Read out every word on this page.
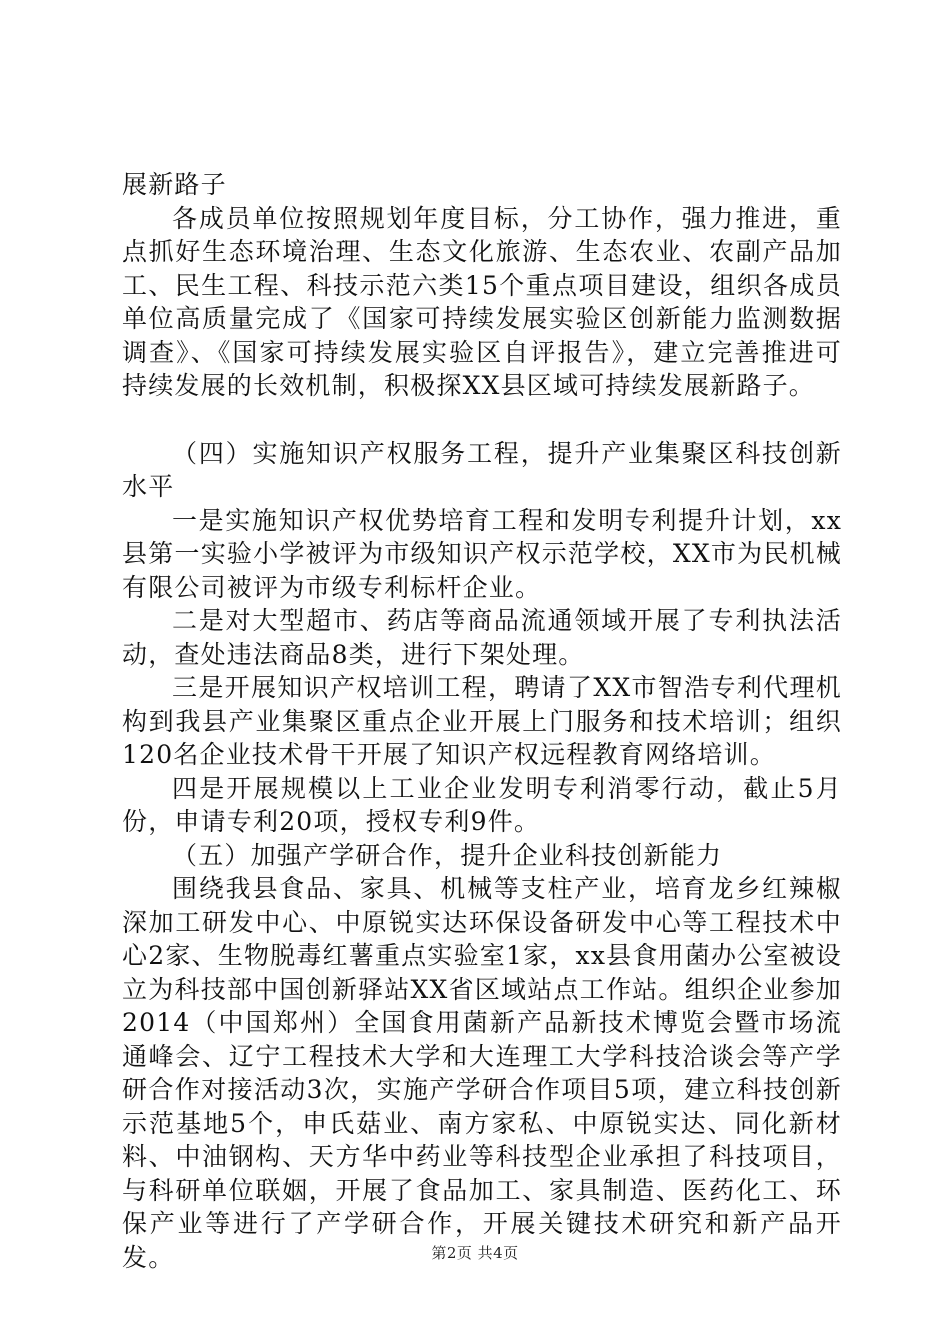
展新路子

各成员单位按照规划年度目标，分工协作，强力推进，重点抓好生态环境治理、生态文化旅游、生态农业、农副产品加工、民生工程、科技示范六类15个重点项目建设，组织各成员单位高质量完成了《国家可持续发展实验区创新能力监测数据调查》、《国家可持续发展实验区自评报告》，建立完善推进可持续发展的长效机制，积极探XX县区域可持续发展新路子。

（四）实施知识产权服务工程，提升产业集聚区科技创新水平

一是实施知识产权优势培育工程和发明专利提升计划，xx县第一实验小学被评为市级知识产权示范学校，XX市为民机械有限公司被评为市级专利标杆企业。

二是对大型超市、药店等商品流通领域开展了专利执法活动，查处违法商品8类，进行下架处理。

三是开展知识产权培训工程，聘请了XX市智浩专利代理机构到我县产业集聚区重点企业开展上门服务和技术培训；组织120名企业技术骨干开展了知识产权远程教育网络培训。

四是开展规模以上工业企业发明专利消零行动，截止5月份，申请专利20项，授权专利9件。

（五）加强产学研合作，提升企业科技创新能力

围绕我县食品、家具、机械等支柱产业，培育龙乡红辣椒深加工研发中心、中原锐实达环保设备研发中心等工程技术中心2家、生物脱毒红薯重点实验室1家，xx县食用菌办公室被设立为科技部中国创新驿站XX省区域站点工作站。组织企业参加2014（中国郑州）全国食用菌新产品新技术博览会暨市场流通峰会、辽宁工程技术大学和大连理工大学科技洽谈会等产学研合作对接活动3次，实施产学研合作项目5项，建立科技创新示范基地5个，申氏菇业、南方家私、中原锐实达、同化新材料、中油钢构、天方华中药业等科技型企业承担了科技项目，与科研单位联姻，开展了食品加工、家具制造、医药化工、环保产业等进行了产学研合作，开展关键技术研究和新产品开发。	第2页 共4页
